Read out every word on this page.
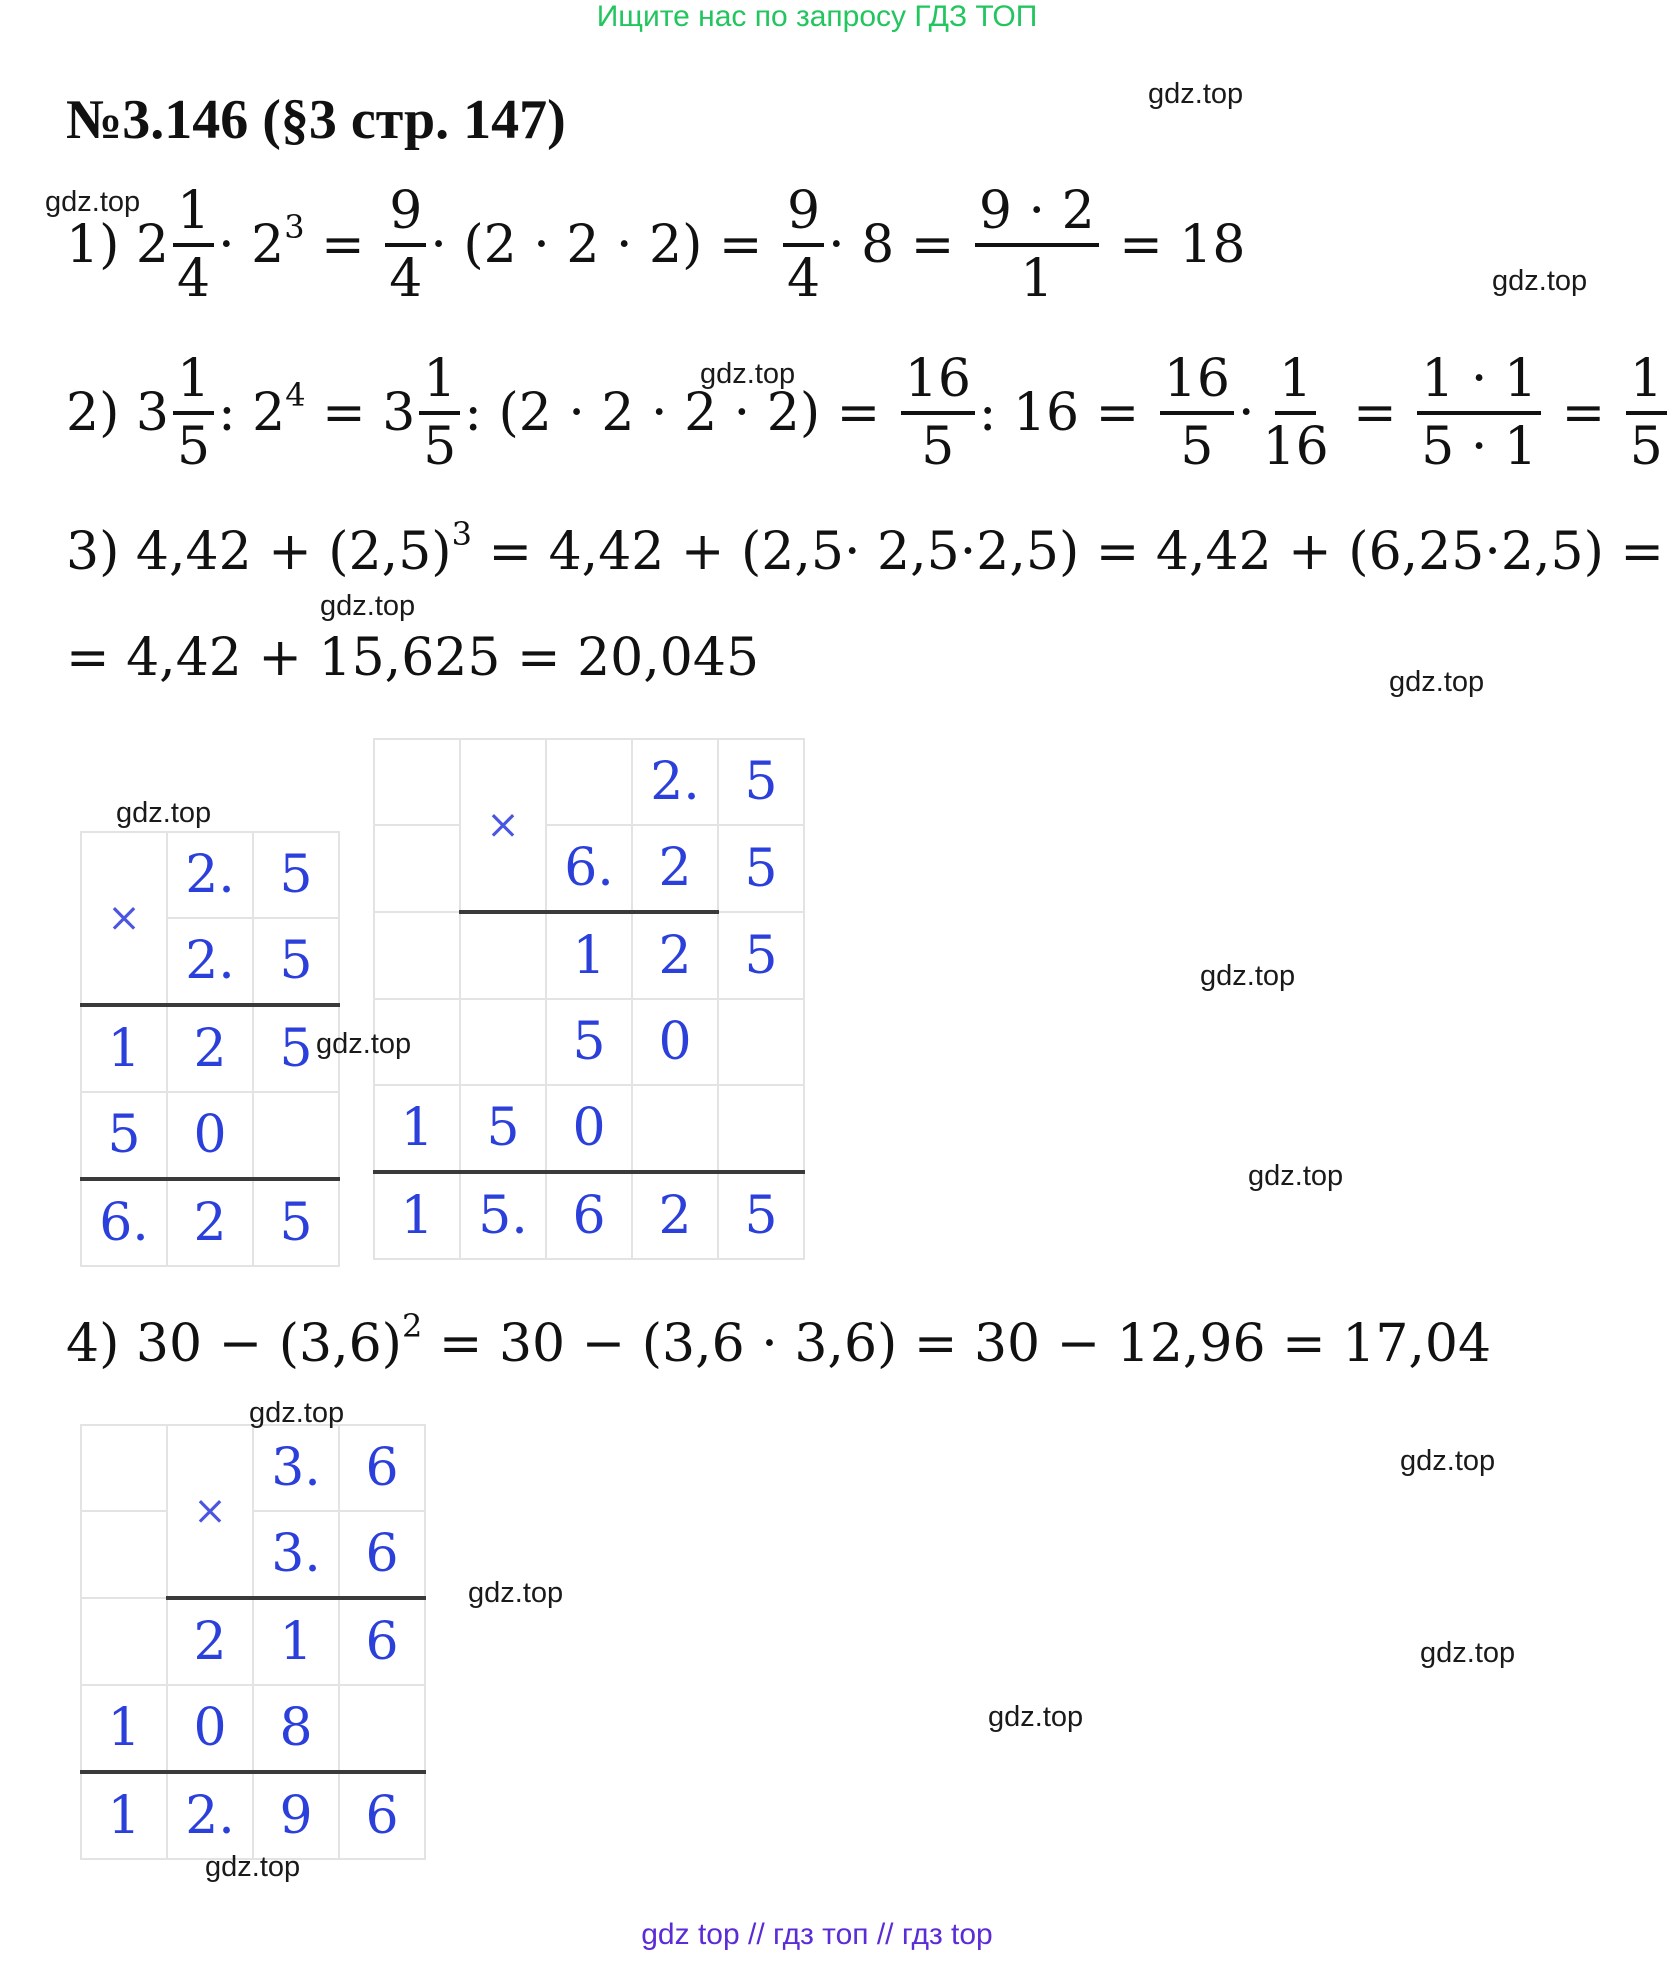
Ищите нас по запросу ГДЗ ТОП
№3.146 (§3 стр. 147)
1) $2 \frac{1}{4} \cdot 2^3 = \frac{9}{4} \cdot (2 \cdot 2 \cdot 2) = \frac{9}{4} \cdot 8 = \frac{9 \cdot 2}{1} = 18$
2) $3 \frac{1}{5}$ : $2^4 = 3 \frac{1}{5}$ : $(2 \cdot 2 \cdot 2 \cdot 2) = \frac{16}{5}$ : $16 = \frac{16}{5} \cdot \frac{1}{16} = \frac{1 \cdot 1}{5 \cdot 1} = \frac{1}{5}$
3) $4,42 + (2,5)^3 = 4,42 + (2,5\cdot 2,5\cdot 2,5) = 4,42 + (6,25\cdot 2,5)$ =
= 4,42 + 15,625 = 20,045
×	2.	5
	2.	5
1	2	5
5	0	
6.	2	5
	×		2.	5
		6.	2	5
		1	2	5
		5	0	
1	5	0		
1	5.	6	2	5
4) $30 - (3,6)^2 = 30 - (3,6 \cdot 3,6) = 30 - 12,96 = 17,04$
	×	3.	6
		3.	6
	2	1	6
1	0	8	
1	2.	9	6
gdz.top
gdz.top
gdz.top
gdz.top
gdz.top
gdz.top
gdz.top
gdz.top
gdz.top
gdz.top
gdz.top
gdz.top
gdz.top
gdz.top
gdz.top
gdz.top
gdz top // гдз топ // гдз top
